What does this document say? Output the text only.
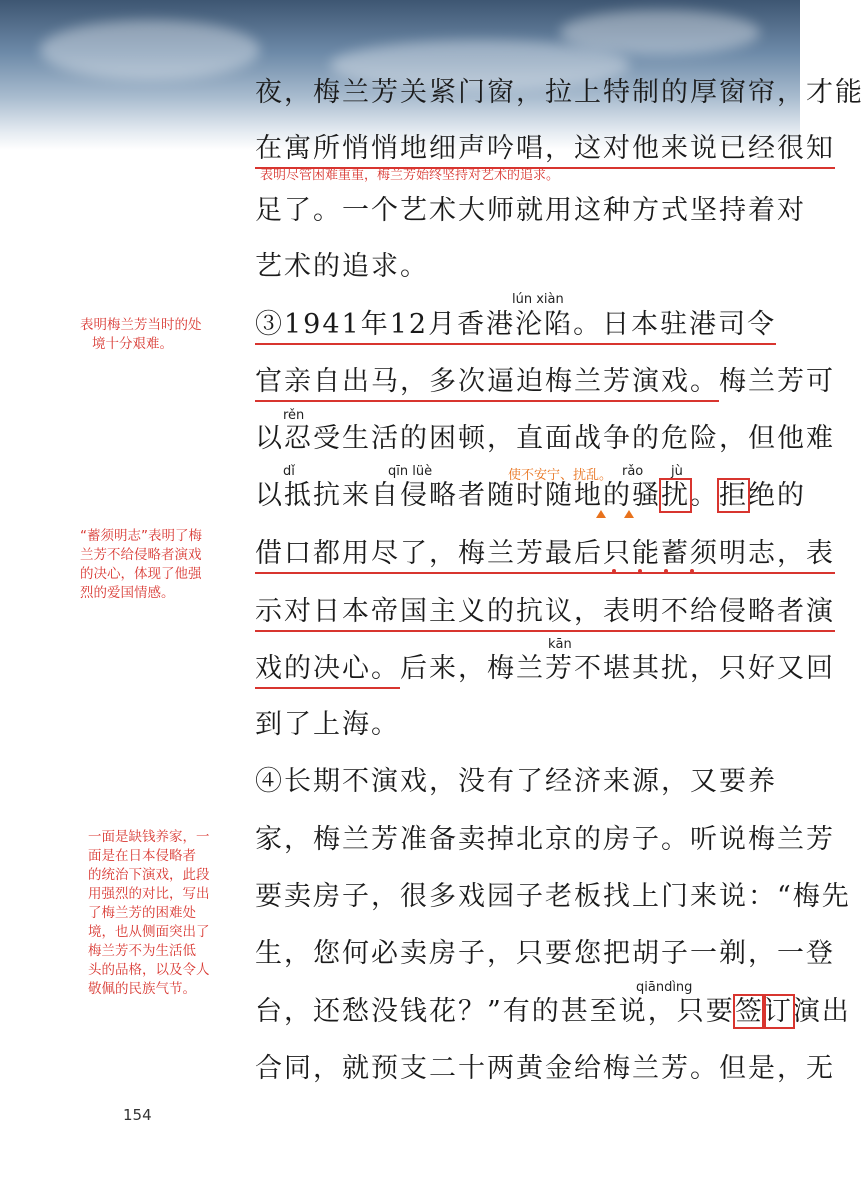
夜，梅兰芳关紧门窗，拉上特制的厚窗帘，才能
在寓所悄悄地细声吟唱，这对他来说已经很知
足了。一个艺术大师就用这种方式坚持着对
艺术的追求。
③1941年12月香港沦陷。日本驻港司令
官亲自出马，多次逼迫梅兰芳演戏。梅兰芳可
以忍受生活的困顿，直面战争的危险，但他难
以抵抗来自侵略者随时随地的骚扰。拒绝的
借口都用尽了，梅兰芳最后只能蓄须明志，表
示对日本帝国主义的抗议，表明不给侵略者演
戏的决心。后来，梅兰芳不堪其扰，只好又回
到了上海。
④长期不演戏，没有了经济来源，又要养
家，梅兰芳准备卖掉北京的房子。听说梅兰芳
要卖房子，很多戏园子老板找上门来说：“梅先
生，您何必卖房子，只要您把胡子一剃，一登
台，还愁没钱花？”有的甚至说，只要签订演出
合同，就预支二十两黄金给梅兰芳。但是，无
lún xiàn
rěn
dǐ	qīn lüè	rǎo jù
kān
qiāndìng
表明尽管困难重重，梅兰芳始终坚持对艺术的追求。
使不安宁、扰乱。
表明梅兰芳当时的处
境十分艰难。
“蓄须明志”表明了梅
兰芳不给侵略者演戏
的决心，体现了他强
烈的爱国情感。
一面是缺钱养家，一
面是在日本侵略者
的统治下演戏，此段
用强烈的对比，写出
了梅兰芳的困难处
境，也从侧面突出了
梅兰芳不为生活低
头的品格，以及令人
敬佩的民族气节。
154
